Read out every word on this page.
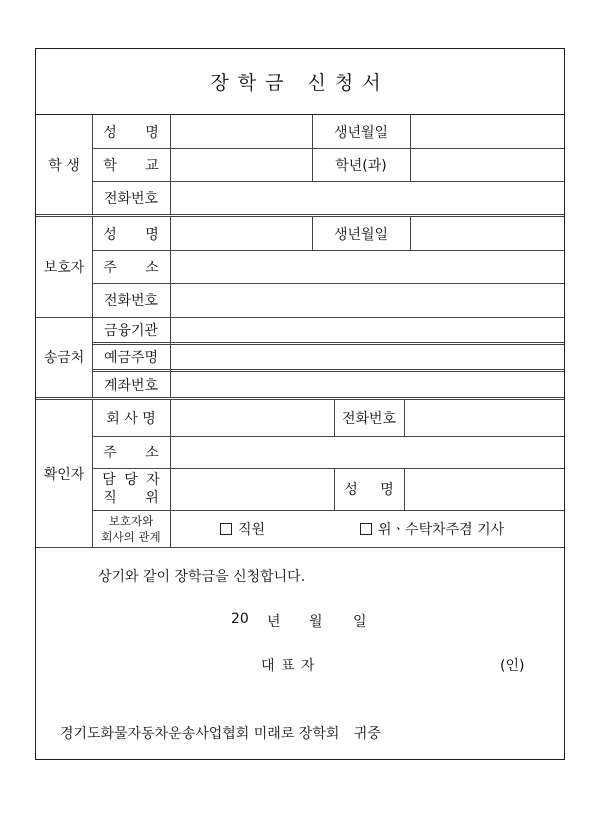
장학금 신청서
학 생
성 명	생년월일
학 교	학년(과)
전화번호
보호자
성 명	생년월일
주 소
전화번호
송금처
금융기관
예금주명
계좌번호
확인자
회 사 명	전화번호
주 소
담 당 자
직 위	성 명
보호자와
회사의 관계	직원	위ㆍ수탁차주겸 기사
상기와 같이 장학금을 신청합니다.
20 년 월 일
대 표 자	(인)
경기도화물자동차운송사업협회 미래로 장학회 귀중
